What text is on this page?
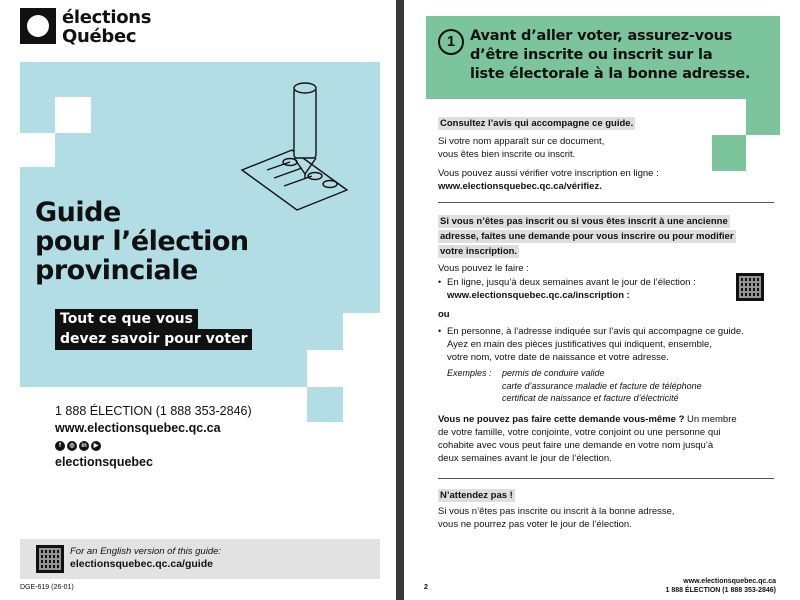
élections
Québec
Guide
pour l’élection
provinciale
Tout ce que vous
devez savoir pour voter
1 888 ÉLECTION (1 888 353-2846)
www.electionsquebec.qc.ca
f	◎	in	▶
electionsquebec
For an English version of this guide:
electionsquebec.qc.ca/guide
DGE-619 (26-01)
1	Avant d’aller voter, assurez-vous
d’être inscrite ou inscrit sur la
liste électorale à la bonne adresse.
Consultez l’avis qui accompagne ce guide.
Si votre nom apparaît sur ce document,
vous êtes bien inscrite ou inscrit.
Vous pouvez aussi vérifier votre inscription en ligne :
www.electionsquebec.qc.ca/vérifiez.
Si vous n’êtes pas inscrit ou si vous êtes inscrit à une ancienne
adresse, faites une demande pour vous inscrire ou pour modifier
votre inscription.
Vous pouvez le faire :
• En ligne, jusqu’à deux semaines avant le jour de l’élection :
www.electionsquebec.qc.ca/inscription :
ou
• En personne, à l’adresse indiquée sur l’avis qui accompagne ce guide.
Ayez en main des pièces justificatives qui indiquent, ensemble,
votre nom, votre date de naissance et votre adresse.
Exemples :	permis de conduire valide
carte d’assurance maladie et facture de téléphone
certificat de naissance et facture d’électricité
Vous ne pouvez pas faire cette demande vous-même ? Un membre
de votre famille, votre conjointe, votre conjoint ou une personne qui
cohabite avec vous peut faire une demande en votre nom jusqu’à
deux semaines avant le jour de l’élection.
N’attendez pas !
Si vous n’êtes pas inscrite ou inscrit à la bonne adresse,
vous ne pourrez pas voter le jour de l’élection.
2
www.electionsquebec.qc.ca
1 888 ÉLECTION (1 888 353-2846)
